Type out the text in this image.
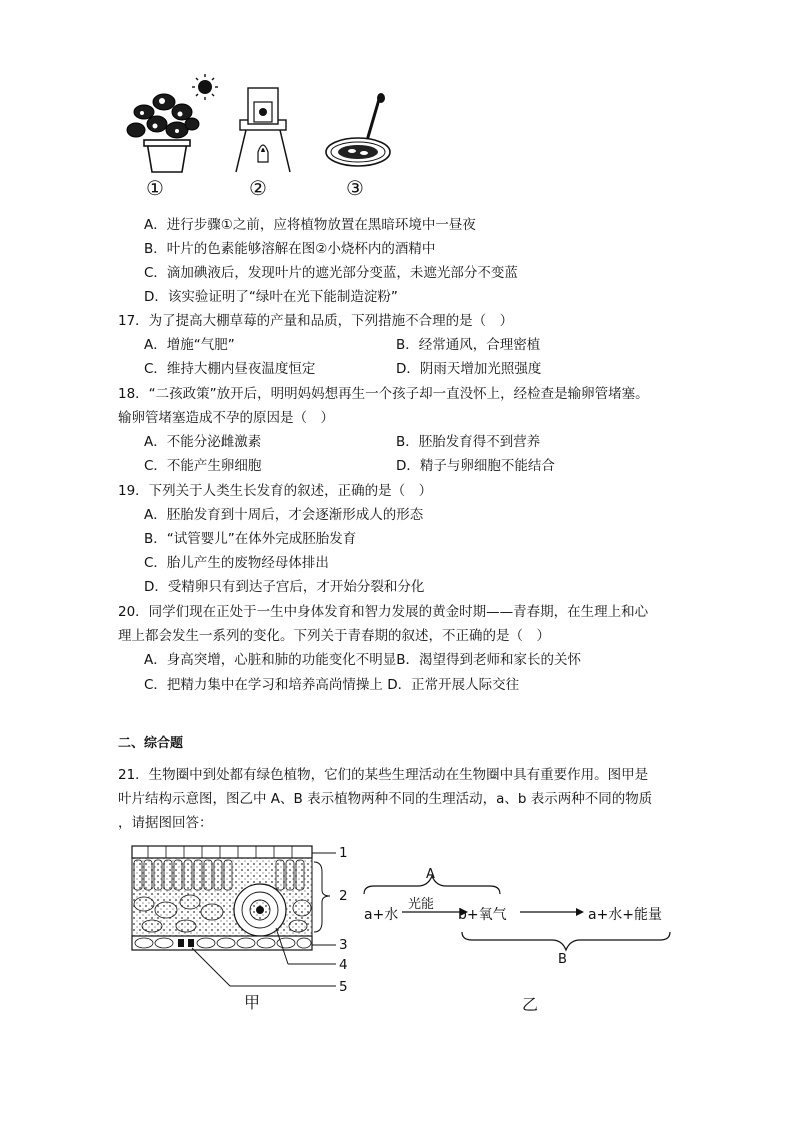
①	②	③
A．进行步骤①之前，应将植物放置在黑暗环境中一昼夜
B．叶片的色素能够溶解在图②小烧杯内的酒精中
C．滴加碘液后，发现叶片的遮光部分变蓝，未遮光部分不变蓝
D．该实验证明了“绿叶在光下能制造淀粉”
17．为了提高大棚草莓的产量和品质，下列措施不合理的是（　）
A．增施“气肥”	B．经常通风，合理密植
C．维持大棚内昼夜温度恒定	D．阴雨天增加光照强度
18．“二孩政策”放开后，明明妈妈想再生一个孩子却一直没怀上，经检查是输卵管堵塞。
输卵管堵塞造成不孕的原因是（　）
A．不能分泌雌激素	B．胚胎发育得不到营养
C．不能产生卵细胞	D．精子与卵细胞不能结合
19．下列关于人类生长发育的叙述，正确的是（　）
A．胚胎发育到十周后，才会逐渐形成人的形态
B．“试管婴儿”在体外完成胚胎发育
C．胎儿产生的废物经母体排出
D．受精卵只有到达子宫后，才开始分裂和分化
20．同学们现在正处于一生中身体发育和智力发展的黄金时期——青春期，在生理上和心
理上都会发生一系列的变化。下列关于青春期的叙述，不正确的是（　）
A．身高突增，心脏和肺的功能变化不明显B．渴望得到老师和家长的关怀
C．把精力集中在学习和培养高尚情操上 D．正常开展人际交往
二、综合题
21．生物圈中到处都有绿色植物，它们的某些生理活动在生物圈中具有重要作用。图甲是
叶片结构示意图，图乙中 A、B 表示植物两种不同的生理活动，a、b 表示两种不同的物质
，请据图回答：
1
2
3
4
5
甲
A
a+水
光能
b+氧气	a+水+能量
B
乙
